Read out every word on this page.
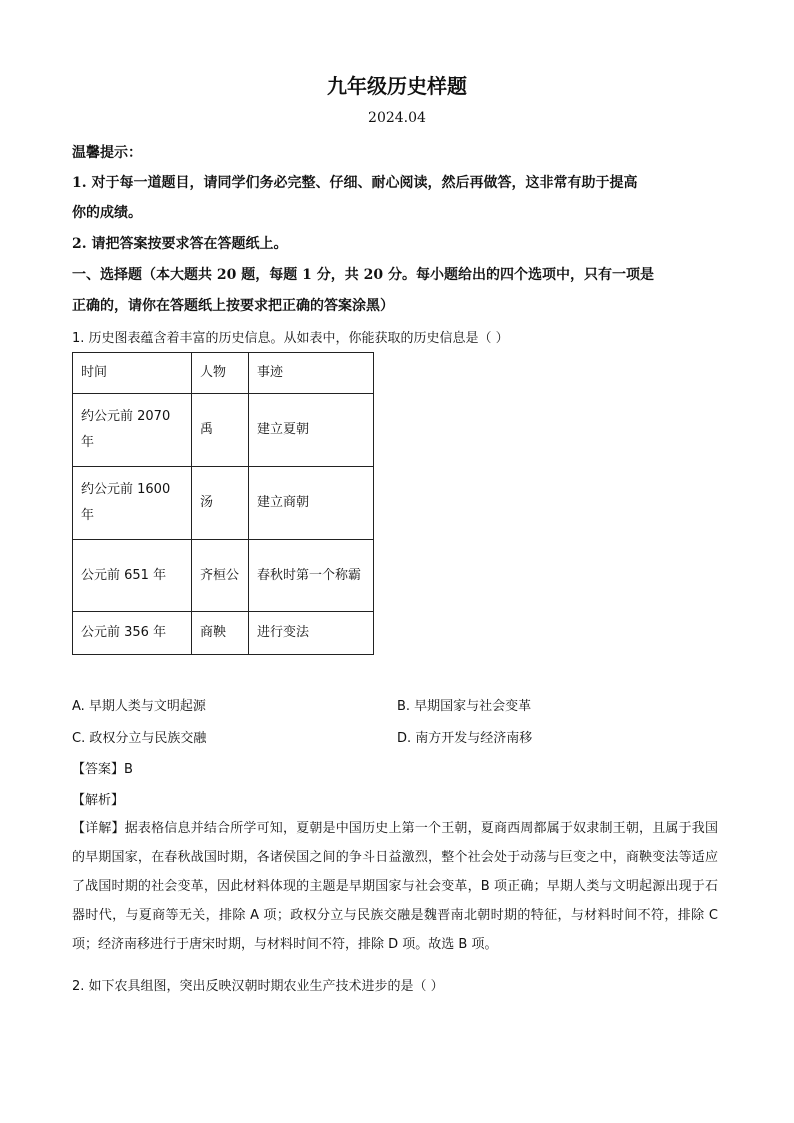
九年级历史样题
2024.04
温馨提示：
1. 对于每一道题目，请同学们务必完整、仔细、耐心阅读，然后再做答，这非常有助于提高
你的成绩。
2. 请把答案按要求答在答题纸上。
一、选择题（本大题共 20 题，每题 1 分，共 20 分。每小题给出的四个选项中，只有一项是
正确的，请你在答题纸上按要求把正确的答案涂黑）
1. 历史图表蕴含着丰富的历史信息。从如表中，你能获取的历史信息是（ ）
时间	人物	事迹
约公元前 2070 年	禹	建立夏朝
约公元前 1600 年	汤	建立商朝
公元前 651 年	齐桓公	春秋时第一个称霸
公元前 356 年	商鞅	进行变法
A. 早期人类与文明起源	B. 早期国家与社会变革
C. 政权分立与民族交融	D. 南方开发与经济南移
【答案】B
【解析】
【详解】据表格信息并结合所学可知，夏朝是中国历史上第一个王朝，夏商西周都属于奴隶制王朝，且属于我国的早期国家，在春秋战国时期，各诸侯国之间的争斗日益激烈，整个社会处于动荡与巨变之中，商鞅变法等适应了战国时期的社会变革，因此材料体现的主题是早期国家与社会变革，B 项正确；早期人类与文明起源出现于石器时代，与夏商等无关，排除 A 项；政权分立与民族交融是魏晋南北朝时期的特征，与材料时间不符，排除 C 项；经济南移进行于唐宋时期，与材料时间不符，排除 D 项。故选 B 项。
2. 如下农具组图，突出反映汉朝时期农业生产技术进步的是（ ）
